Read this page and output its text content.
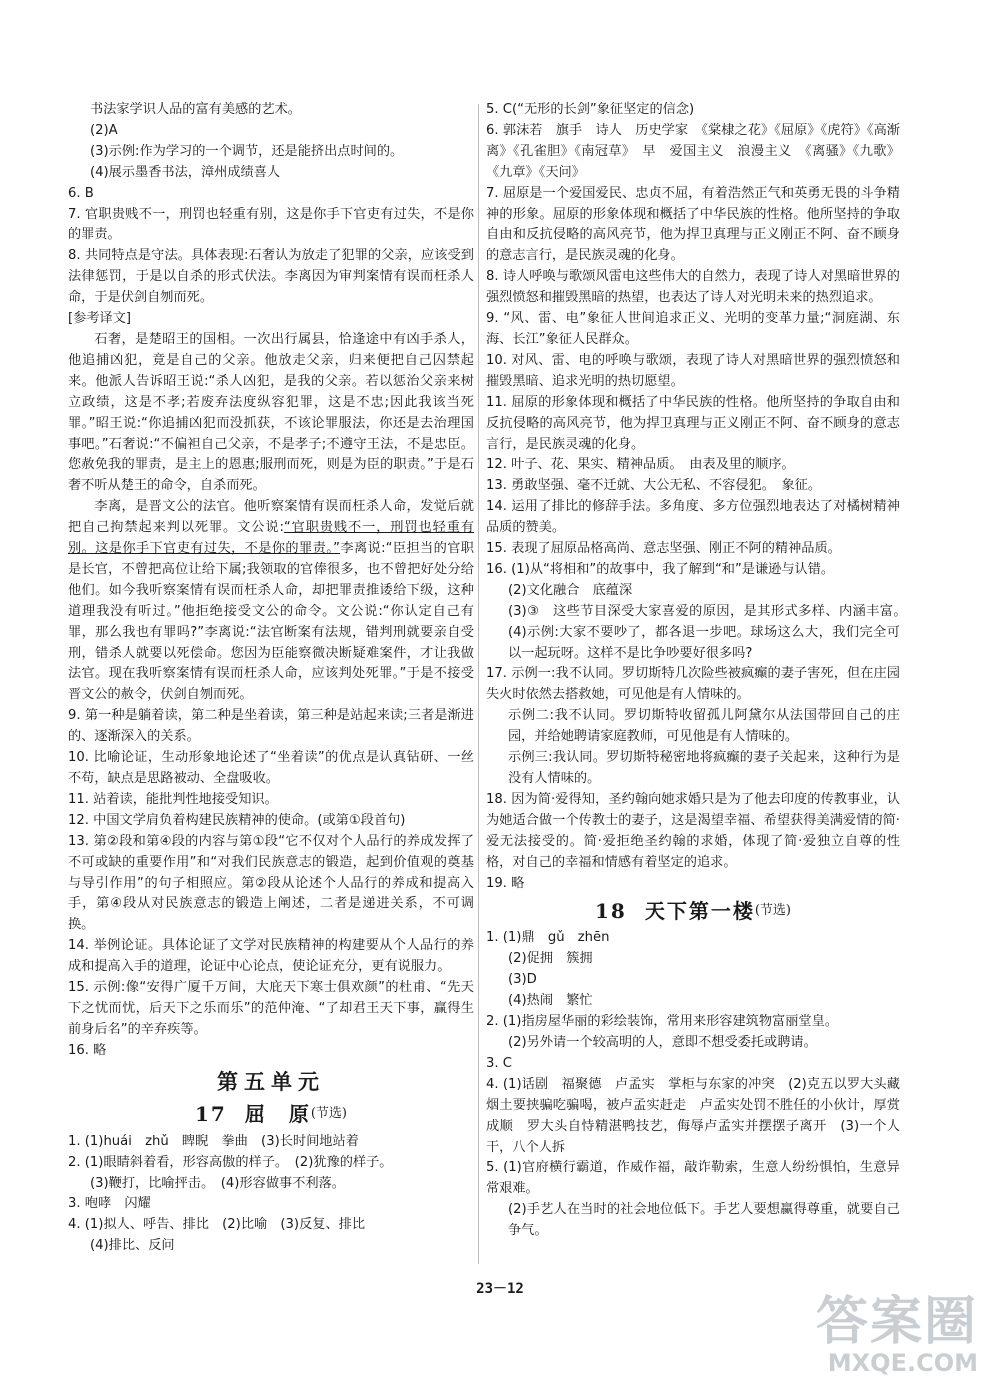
书法家学识人品的富有美感的艺术。

(2)A

(3)示例:作为学习的一个调节，还是能挤出点时间的。

(4)展示墨香书法，漳州成绩喜人

6. B

7. 官职贵贱不一，刑罚也轻重有别，这是你手下官吏有过失，不是你的罪责。

8. 共同特点是守法。具体表现:石奢认为放走了犯罪的父亲，应该受到法律惩罚，于是以自杀的形式伏法。李离因为审判案情有误而枉杀人命，于是伏剑自刎而死。

[参考译文]

石奢，是楚昭王的国相。一次出行属县，恰逢途中有凶手杀人，他追捕凶犯，竟是自己的父亲。他放走父亲，归来便把自己囚禁起来。他派人告诉昭王说:“杀人凶犯，是我的父亲。若以惩治父亲来树立政绩，这是不孝;若废弃法度纵容犯罪，这是不忠;因此我该当死罪。”昭王说:“你追捕凶犯而没抓获，不该论罪服法，你还是去治理国事吧。”石奢说:“不偏袒自己父亲，不是孝子;不遵守王法，不是忠臣。您赦免我的罪责，是主上的恩惠;服刑而死，则是为臣的职责。”于是石奢不听从楚王的命令，自杀而死。

李离，是晋文公的法官。他听察案情有误而枉杀人命，发觉后就把自己拘禁起来判以死罪。文公说:“官职贵贱不一，刑罚也轻重有别。这是你手下官吏有过失，不是你的罪责。”李离说:“臣担当的官职是长官，不曾把高位让给下属;我领取的官俸很多，也不曾把好处分给他们。如今我听察案情有误而枉杀人命，却把罪责推诿给下级，这种道理我没有听过。”他拒绝接受文公的命令。文公说:“你认定自己有罪，那么我也有罪吗?”李离说:“法官断案有法规，错判刑就要亲自受刑，错杀人就要以死偿命。您因为臣能察微决断疑难案件，才让我做法官。现在我听察案情有误而枉杀人命，应该判处死罪。”于是不接受晋文公的赦令，伏剑自刎而死。

9. 第一种是躺着读，第二种是坐着读，第三种是站起来读;三者是渐进的、逐渐深入的关系。

10. 比喻论证，生动形象地论述了“坐着读”的优点是认真钻研、一丝不苟，缺点是思路被动、全盘吸收。

11. 站着读，能批判性地接受知识。

12. 中国文学肩负着构建民族精神的使命。(或第①段首句)

13. 第②段和第④段的内容与第①段“它不仅对个人品行的养成发挥了不可或缺的重要作用”和“对我们民族意志的锻造，起到价值观的奠基与导引作用”的句子相照应。第②段从论述个人品行的养成和提高入手，第④段从对民族意志的锻造上阐述，二者是递进关系，不可调换。

14. 举例论证。具体论证了文学对民族精神的构建要从个人品行的养成和提高入手的道理，论证中心论点，使论证充分，更有说服力。

15. 示例:像“安得广厦千万间，大庇天下寒士俱欢颜”的杜甫、“先天下之忧而忧，后天下之乐而乐”的范仲淹、“了却君王天下事，赢得生前身后名”的辛弃疾等。

16. 略

第五单元
17 屈　原 (节选)

1. (1)huái　zhǔ　睥睨　拳曲　(3)长时间地站着

2. (1)眼睛斜着看，形容高傲的样子。　(2)犹豫的样子。

(3)鞭打，比喻抨击。　(4)形容做事不利落。

3. 咆哮　闪耀

4. (1)拟人、呼告、排比　(2)比喻　(3)反复、排比

(4)排比、反问

5. C(“无形的长剑”象征坚定的信念)

6. 郭沫若　旗手　诗人　历史学家　《棠棣之花》《屈原》《虎符》《高渐离》《孔雀胆》《南冠草》　早　爱国主义　浪漫主义　《离骚》《九歌》《九章》《天问》

7. 屈原是一个爱国爱民、忠贞不屈，有着浩然正气和英勇无畏的斗争精神的形象。屈原的形象体现和概括了中华民族的性格。他所坚持的争取自由和反抗侵略的高风亮节，他为捍卫真理与正义刚正不阿、奋不顾身的意志言行，是民族灵魂的化身。

8. 诗人呼唤与歌颂风雷电这些伟大的自然力，表现了诗人对黑暗世界的强烈愤怒和摧毁黑暗的热望，也表达了诗人对光明未来的热烈追求。

9. “风、雷、电”象征人世间追求正义、光明的变革力量;“洞庭湖、东海、长江”象征人民群众。

10. 对风、雷、电的呼唤与歌颂，表现了诗人对黑暗世界的强烈愤怒和摧毁黑暗、追求光明的热切愿望。

11. 屈原的形象体现和概括了中华民族的性格。他所坚持的争取自由和反抗侵略的高风亮节，他为捍卫真理与正义刚正不阿、奋不顾身的意志言行，是民族灵魂的化身。

12. 叶子、花、果实、精神品质。　由表及里的顺序。

13. 勇敢坚强、毫不迁就、大公无私、不容侵犯。　象征。

14. 运用了排比的修辞手法。多角度、多方位强烈地表达了对橘树精神品质的赞美。

15. 表现了屈原品格高尚、意志坚强、刚正不阿的精神品质。

16. (1)从“将相和”的故事中，我了解到“和”是谦逊与认错。

(2)文化融合　底蕴深

(3)③　这些节目深受大家喜爱的原因，是其形式多样、内涵丰富。　(4)示例:大家不要吵了，都各退一步吧。球场这么大，我们完全可以一起玩呀。这样不是比争吵要好很多吗?

17. 示例一:我不认同。罗切斯特几次险些被疯癫的妻子害死，但在庄园失火时依然去搭救她，可见他是有人情味的。

示例二:我不认同。罗切斯特收留孤儿阿黛尔从法国带回自己的庄园，并给她聘请家庭教师，可见他是有人情味的。

示例三:我认同。罗切斯特秘密地将疯癫的妻子关起来，这种行为是没有人情味的。

18. 因为简·爱得知，圣约翰向她求婚只是为了他去印度的传教事业，认为她适合做一个传教士的妻子，这是渴望幸福、希望获得美满爱情的简·爱无法接受的。简·爱拒绝圣约翰的求婚，体现了简·爱独立自尊的性格，对自己的幸福和情感有着坚定的追求。

19. 略

18 天下第一楼 (节选)

1. (1)鼎　gǔ　zhēn

(2)促拥　簇拥

(3)D

(4)热闹　繁忙

2. (1)指房屋华丽的彩绘装饰，常用来形容建筑物富丽堂皇。

(2)另外请一个较高明的人，意即不想受委托或聘请。

3. C

4. (1)话剧　福聚德　卢孟实　掌柜与东家的冲突　(2)克五以罗大头藏烟土要挟骗吃骗喝，被卢孟实赶走　卢孟实处罚不胜任的小伙计，厚赏成顺　罗大头自恃精湛鸭技艺，侮辱卢孟实并摆摆子离开　(3)一个人干，八个人拆

5. (1)官府横行霸道，作威作福，敲诈勒索，生意人纷纷惧怕，生意异常艰难。

(2)手艺人在当时的社会地位低下。手艺人要想赢得尊重，就要自己争气。

23－12
答案圈
MXQE.COM
